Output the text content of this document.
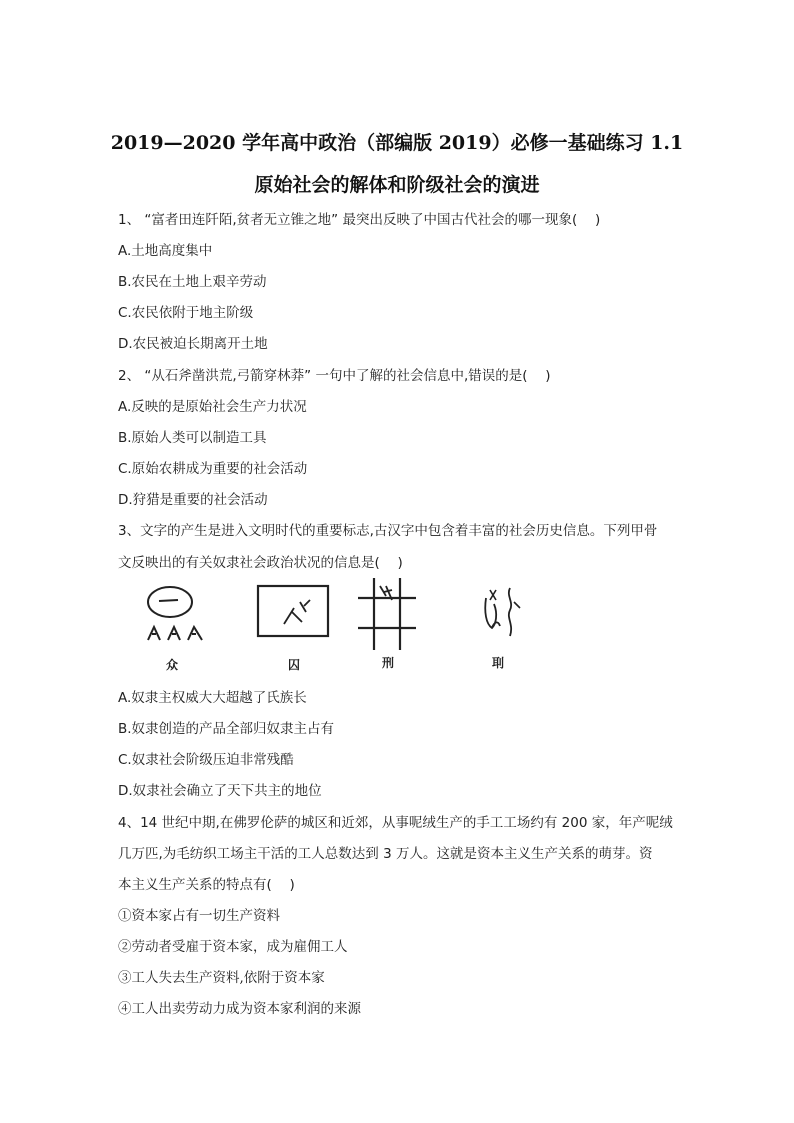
2019—2020 学年高中政治（部编版 2019）必修一基础练习 1.1
原始社会的解体和阶级社会的演进
1、 “富者田连阡陌,贫者无立锥之地” 最突出反映了中国古代社会的哪一现象(　 )
A.土地高度集中
B.农民在土地上艰辛劳动
C.农民依附于地主阶级
D.农民被迫长期离开土地
2、 “从石斧凿洪荒,弓箭穿林莽” 一句中了解的社会信息中,错误的是(　 )
A.反映的是原始社会生产力状况
B.原始人类可以制造工具
C.原始农耕成为重要的社会活动
D.狩猎是重要的社会活动
3、文字的产生是进入文明时代的重要标志,古汉字中包含着丰富的社会历史信息。下列甲骨
文反映出的有关奴隶社会政治状况的信息是(　 )
众	囚	刑	刵
A.奴隶主权威大大超越了氏族长
B.奴隶创造的产品全部归奴隶主占有
C.奴隶社会阶级压迫非常残酷
D.奴隶社会确立了天下共主的地位
4、14 世纪中期,在佛罗伦萨的城区和近郊，从事呢绒生产的手工工场约有 200 家，年产呢绒
几万匹,为毛纺织工场主干活的工人总数达到 3 万人。这就是资本主义生产关系的萌芽。资
本主义生产关系的特点有(　 )
①资本家占有一切生产资料
②劳动者受雇于资本家，成为雇佣工人
③工人失去生产资料,依附于资本家
④工人出卖劳动力成为资本家利润的来源
